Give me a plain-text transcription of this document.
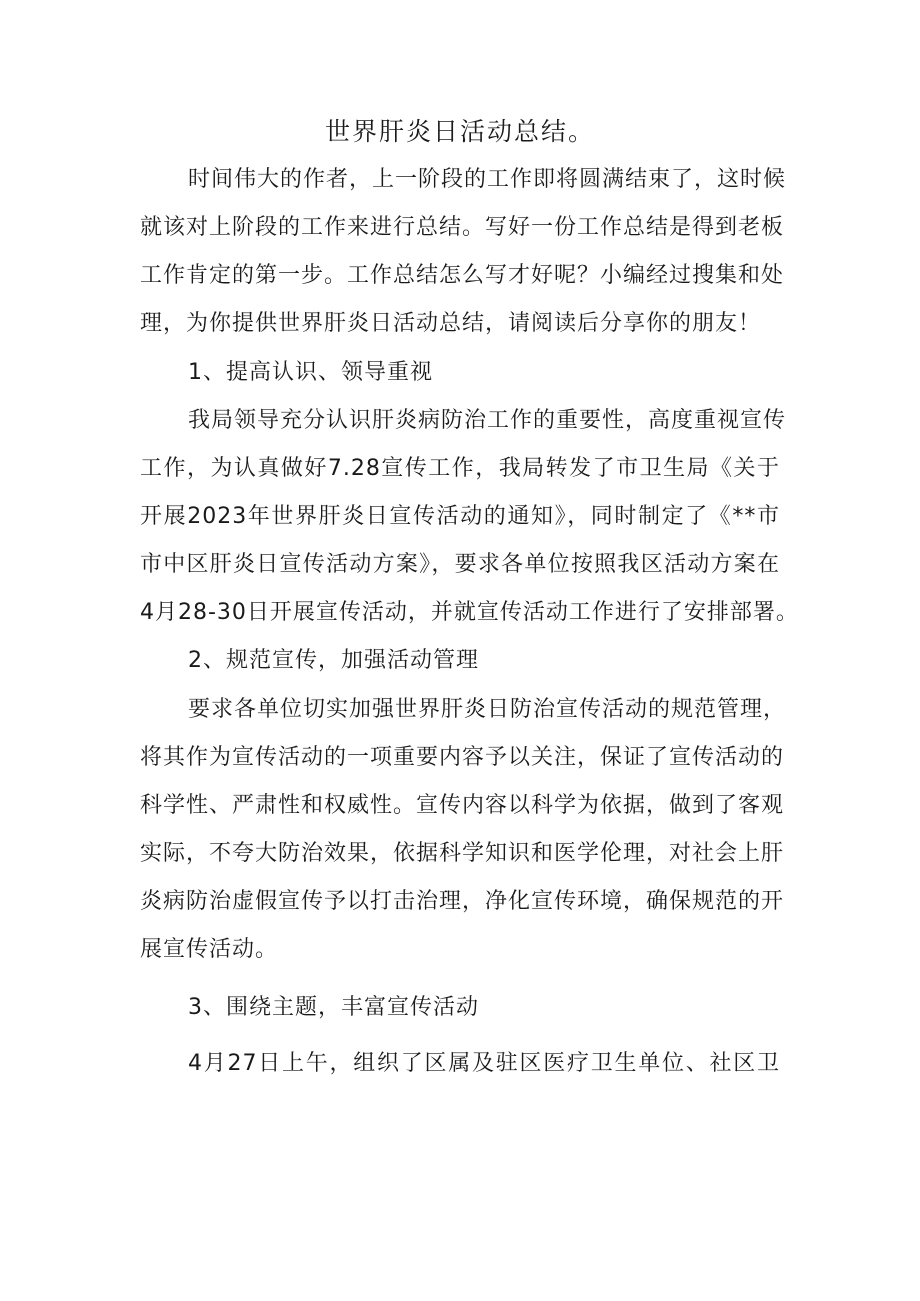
世界肝炎日活动总结。
时间伟大的作者，上一阶段的工作即将圆满结束了，这时候
就该对上阶段的工作来进行总结。写好一份工作总结是得到老板
工作肯定的第一步。工作总结怎么写才好呢？小编经过搜集和处
理，为你提供世界肝炎日活动总结，请阅读后分享你的朋友！
1、提高认识、领导重视
我局领导充分认识肝炎病防治工作的重要性，高度重视宣传
工作，为认真做好7.28宣传工作，我局转发了市卫生局《关于
开展2023年世界肝炎日宣传活动的通知》，同时制定了《**市
市中区肝炎日宣传活动方案》，要求各单位按照我区活动方案在
4月28-30日开展宣传活动，并就宣传活动工作进行了安排部署。
2、规范宣传，加强活动管理
要求各单位切实加强世界肝炎日防治宣传活动的规范管理，
将其作为宣传活动的一项重要内容予以关注，保证了宣传活动的
科学性、严肃性和权威性。宣传内容以科学为依据，做到了客观
实际，不夸大防治效果，依据科学知识和医学伦理，对社会上肝
炎病防治虚假宣传予以打击治理，净化宣传环境，确保规范的开
展宣传活动。
3、围绕主题，丰富宣传活动
4月27日上午，组织了区属及驻区医疗卫生单位、社区卫
